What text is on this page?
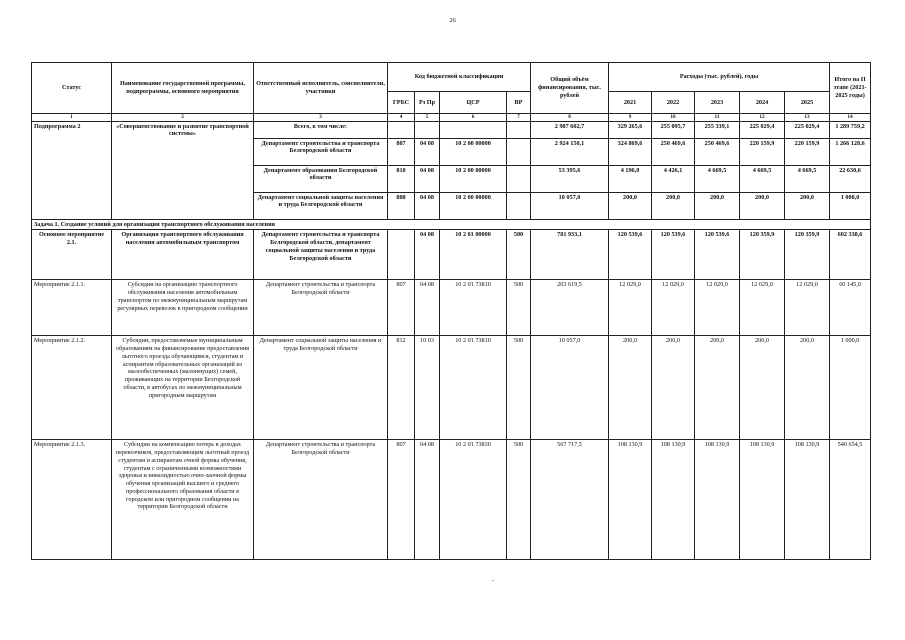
26
Статус	Наименование государственной программы, подпрограммы, основного мероприятия	Ответственный исполнитель, соисполнители, участники	Код бюджетной классификации				Общий объём финансирования, тыс. рублей	Расходы (тыс. рублей), годы					Итого на II этапе (2021-2025 годы)
			ГРБС	Рз Пр	ЦСР	ВР		2021	2022	2023	2024	2025	
1	2	3	4	5	6	7	8	9	10	11	12	13	14
Подпрограмма 2	«Совершенствование и развитие транспортной системы»	Всего, в том числе:					2 987 602,7	329 265,6	255 095,7	255 339,1	225 029,4	225 029,4	1 289 759,2
		Департамент строительства и транспорта Белгородской области	807	04 08	10 2 00 00000		2 924 150,1	324 869,6	250 469,6	250 469,6	220 159,9	220 159,9	1 266 128,6
		Департамент образования Белгородской области	810	04 08	10 2 00 00000		53 395,6	4 196,0	4 426,1	4 669,5	4 669,5	4 669,5	22 630,6
		Департамент социальной защиты населения и труда Белгородской области	808	04 08	10 2 00 00000		10 057,0	200,0	200,0	200,0	200,0	200,0	1 000,0
Задача 1. Создание условий для организации транспортного обслуживания населения													
Основное мероприятие 2.1.	Организация транспортного обслуживания населения автомобильным транспортом	Департамент строительства и транспорта Белгородской области, департамент социальной защиты населения и труда Белгородской области		04 08	10 2 01 00000	500	781 933,1	120 539,6	120 539,6	120 539,6	120 359,9	120 359,9	602 338,6
Мероприятие 2.1.1.	Субсидии на организацию транспортного обслуживания населения автомобильным транспортом по межмуниципальным маршрутам регулярных перевозок в пригородном сообщении	Департамент строительства и транспорта Белгородской области	807	04 08	10 2 01 73810	500	203 619,5	12 029,0	12 029,0	12 029,0	12 029,0	12 029,0	60 145,0
Мероприятие 2.1.2.	Субсидии, предоставляемые муниципальным образованиям на финансирование предоставления льготного проезда обучающимся, студентам и аспирантам образовательных организаций из малообеспеченных (малоимущих) семей, проживающих на территории Белгородской области, в автобусах по межмуниципальным пригородным маршрутам	Департамент социальной защиты населения и труда Белгородской области	812	10 03	10 2 01 73810	500	10 057,0	200,0	200,0	200,0	200,0	200,0	1 000,0
Мероприятие 2.1.3.	Субсидии на компенсацию потерь в доходах перевозчиков, предоставляющим льготный проезд студентам и аспирантам очной формы обучения, студентам с ограниченными возможностями здоровья и инвалидностью очно-заочной формы обучения организаций высшего и среднего профессионального образования области в городском или пригородном сообщении на территории Белгородской области	Департамент строительства и транспорта Белгородской области	807	04 08	10 2 01 73830	500	567 717,5	108 130,9	108 130,9	108 130,9	108 130,9	108 130,9	540 654,5
-
